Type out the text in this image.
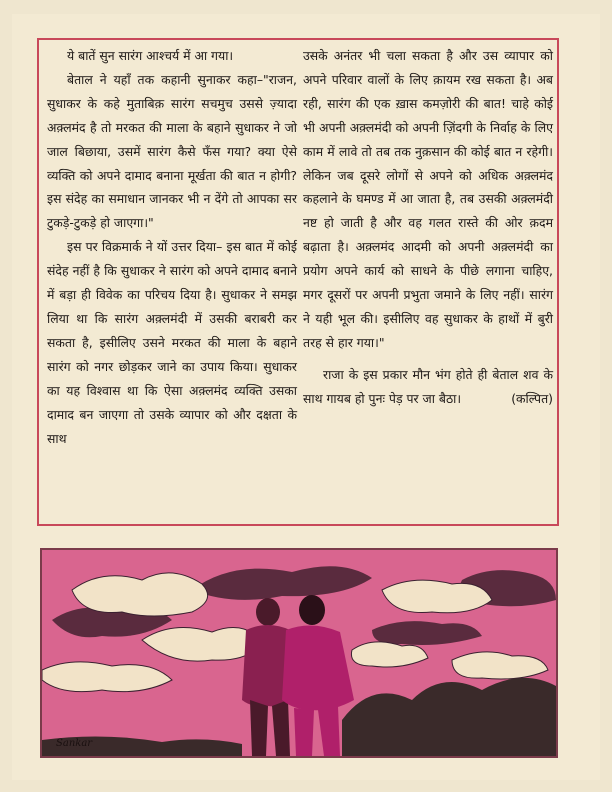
ये बातें सुन सारंग आश्चर्य में आ गया।

बेताल ने यहाँ तक कहानी सुनाकर कहा–"राजन, सुधाकर के कहे मुताबिक़ सारंग सचमुच उससे ज़्यादा अक़्लमंद है तो मरकत की माला के बहाने सुधाकर ने जो जाल बिछाया, उसमें सारंग कैसे फँस गया? क्या ऐसे व्यक्ति को अपने दामाद बनाना मूर्खता की बात न होगी? इस संदेह का समाधान जानकर भी न देंगे तो आपका सर टुकड़े-टुकड़े हो जाएगा।"

इस पर विक्रमार्क ने यों उत्तर दिया– इस बात में कोई संदेह नहीं है कि सुधाकर ने सारंग को अपने दामाद बनाने में बड़ा ही विवेक का परिचय दिया है। सुधाकर ने समझ लिया था कि सारंग अक़्लमंदी में उसकी बराबरी कर सकता है, इसीलिए उसने मरकत की माला के बहाने सारंग को नगर छोड़कर जाने का उपाय किया। सुधाकर का यह विश्वास था कि ऐसा अक़्लमंद व्यक्ति उसका दामाद बन जाएगा तो उसके व्यापार को और दक्षता के साथ

उसके अनंतर भी चला सकता है और उस व्यापार को अपने परिवार वालों के लिए क़ायम रख सकता है। अब रही, सारंग की एक ख़ास कमज़ोरी की बात! चाहे कोई भी अपनी अक़्लमंदी को अपनी ज़िंदगी के निर्वाह के लिए काम में लावे तो तब तक नुक़सान की कोई बात न रहेगी। लेकिन जब दूसरे लोगों से अपने को अधिक अक़्लमंद कहलाने के घमण्ड में आ जाता है, तब उसकी अक़्लमंदी नष्ट हो जाती है और वह गलत रास्ते की ओर क़दम बढ़ाता है। अक़्लमंद आदमी को अपनी अक़्लमंदी का प्रयोग अपने कार्य को साधने के पीछे लगाना चाहिए, मगर दूसरों पर अपनी प्रभुता जमाने के लिए नहीं। सारंग ने यही भूल की। इसीलिए वह सुधाकर के हाथों में बुरी तरह से हार गया।"

राजा के इस प्रकार मौन भंग होते ही बेताल शव के साथ गायब हो पुनः पेड़ पर जा बैठा।	(कल्पित)

Sankar
